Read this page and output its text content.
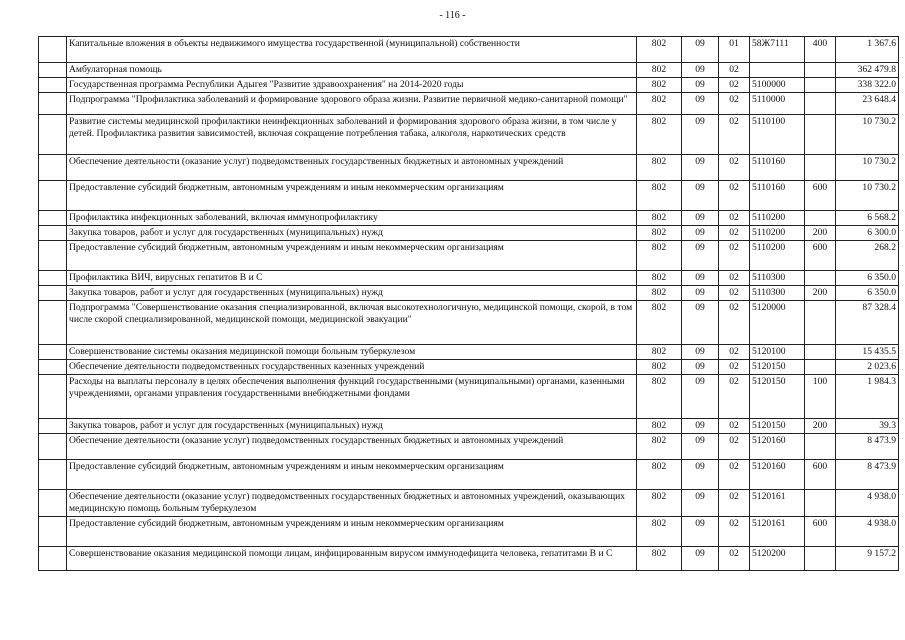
- 116 -
	Капитальные вложения в объекты недвижимого имущества государственной (муниципальной) собственности	802	09	01	58Ж7111	400	1 367.6
	Амбулаторная помощь	802	09	02			362 479.8
	Государственная программа Республики Адыгея "Развитие здравоохранения" на 2014-2020 годы	802	09	02	5100000		338 322.0
	Подпрограмма "Профилактика заболеваний и формирование здорового образа жизни. Развитие первичной медико-санитарной помощи"	802	09	02	5110000		23 648.4
	Развитие системы медицинской профилактики неинфекционных заболеваний и формирования здорового образа жизни, в том числе у детей. Профилактика развития зависимостей, включая сокращение потребления табака, алкоголя, наркотических средств	802	09	02	5110100		10 730.2
	Обеспечение деятельности (оказание услуг) подведомственных государственных бюджетных и автономных учреждений	802	09	02	5110160		10 730.2
	Предоставление субсидий бюджетным, автономным учреждениям и иным некоммерческим организациям	802	09	02	5110160	600	10 730.2
	Профилактика инфекционных заболеваний, включая иммунопрофилактику	802	09	02	5110200		6 568.2
	Закупка товаров, работ и услуг для государственных (муниципальных) нужд	802	09	02	5110200	200	6 300.0
	Предоставление субсидий бюджетным, автономным учреждениям и иным некоммерческим организациям	802	09	02	5110200	600	268.2
	Профилактика ВИЧ, вирусных гепатитов В и С	802	09	02	5110300		6 350.0
	Закупка товаров, работ и услуг для государственных (муниципальных) нужд	802	09	02	5110300	200	6 350.0
	Подпрограмма "Совершенствование оказания специализированной, включая высокотехнологичную, медицинской помощи, скорой, в том числе скорой специализированной, медицинской помощи, медицинской эвакуации"	802	09	02	5120000		87 328.4
	Совершенствование системы оказания медицинской помощи больным туберкулезом	802	09	02	5120100		15 435.5
	Обеспечение деятельности подведомственных государственных казенных учреждений	802	09	02	5120150		2 023.6
	Расходы на выплаты персоналу в целях обеспечения выполнения функций государственными (муниципальными) органами, казенными учреждениями, органами управления государственными внебюджетными фондами	802	09	02	5120150	100	1 984.3
	Закупка товаров, работ и услуг для государственных (муниципальных) нужд	802	09	02	5120150	200	39.3
	Обеспечение деятельности (оказание услуг) подведомственных государственных бюджетных и автономных учреждений	802	09	02	5120160		8 473.9
	Предоставление субсидий бюджетным, автономным учреждениям и иным некоммерческим организациям	802	09	02	5120160	600	8 473.9
	Обеспечение деятельности (оказание услуг) подведомственных государственных бюджетных и автономных учреждений, оказывающих медицинскую помощь больным туберкулезом	802	09	02	5120161		4 938.0
	Предоставление субсидий бюджетным, автономным учреждениям и иным некоммерческим организациям	802	09	02	5120161	600	4 938.0
	Совершенствование оказания медицинской помощи лицам, инфицированным вирусом иммунодефицита человека, гепатитами В и С	802	09	02	5120200		9 157.2
